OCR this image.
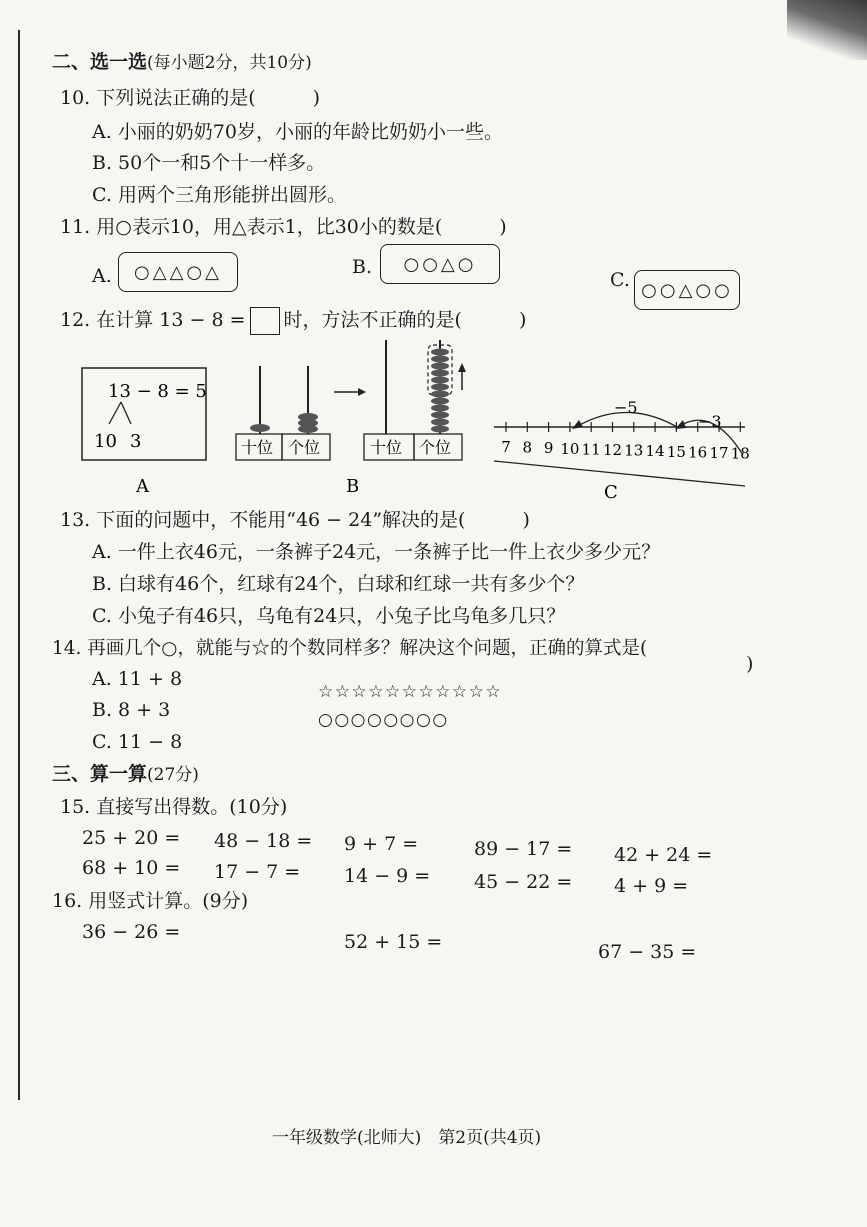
二、选一选(每小题2分，共10分)
10. 下列说法正确的是(　　　)
A. 小丽的奶奶70岁，小丽的年龄比奶奶小一些。
B. 50个一和5个十一样多。
C. 用两个三角形能拼出圆形。
11. 用○表示10，用△表示1，比30小的数是(　　　)
A. ○△△○△	B. ○○△○
C. ○○△○○
12. 在计算 13 − 8 = 时，方法不正确的是(　　　)
13 − 8 = 5
10 3
A
十位 个位	十位 个位
B
7 8 9 10 11 12 13 14 15 16 17 18
−5
−3
C
13. 下面的问题中，不能用“46 − 24”解决的是(　　　)
A. 一件上衣46元，一条裤子24元，一条裤子比一件上衣少多少元？
B. 白球有46个，红球有24个，白球和红球一共有多少个？
C. 小兔子有46只，乌龟有24只，小兔子比乌龟多几只？
14. 再画几个○，就能与☆的个数同样多？解决这个问题，正确的算式是(
)
A. 11 + 8
B. 8 + 3
C. 11 − 8
☆☆☆☆☆☆☆☆☆☆☆
○○○○○○○○
三、算一算(27分)
15. 直接写出得数。(10分)
25 + 20 = 48 − 18 = 9 + 7 =	89 − 17 = 42 + 24 =
68 + 10 = 17 − 7 = 14 − 9 = 45 − 22 = 4 + 9 =
16. 用竖式计算。(9分)
36 − 26 =	52 + 15 =	67 − 35 =
一年级数学(北师大)　第2页(共4页)
